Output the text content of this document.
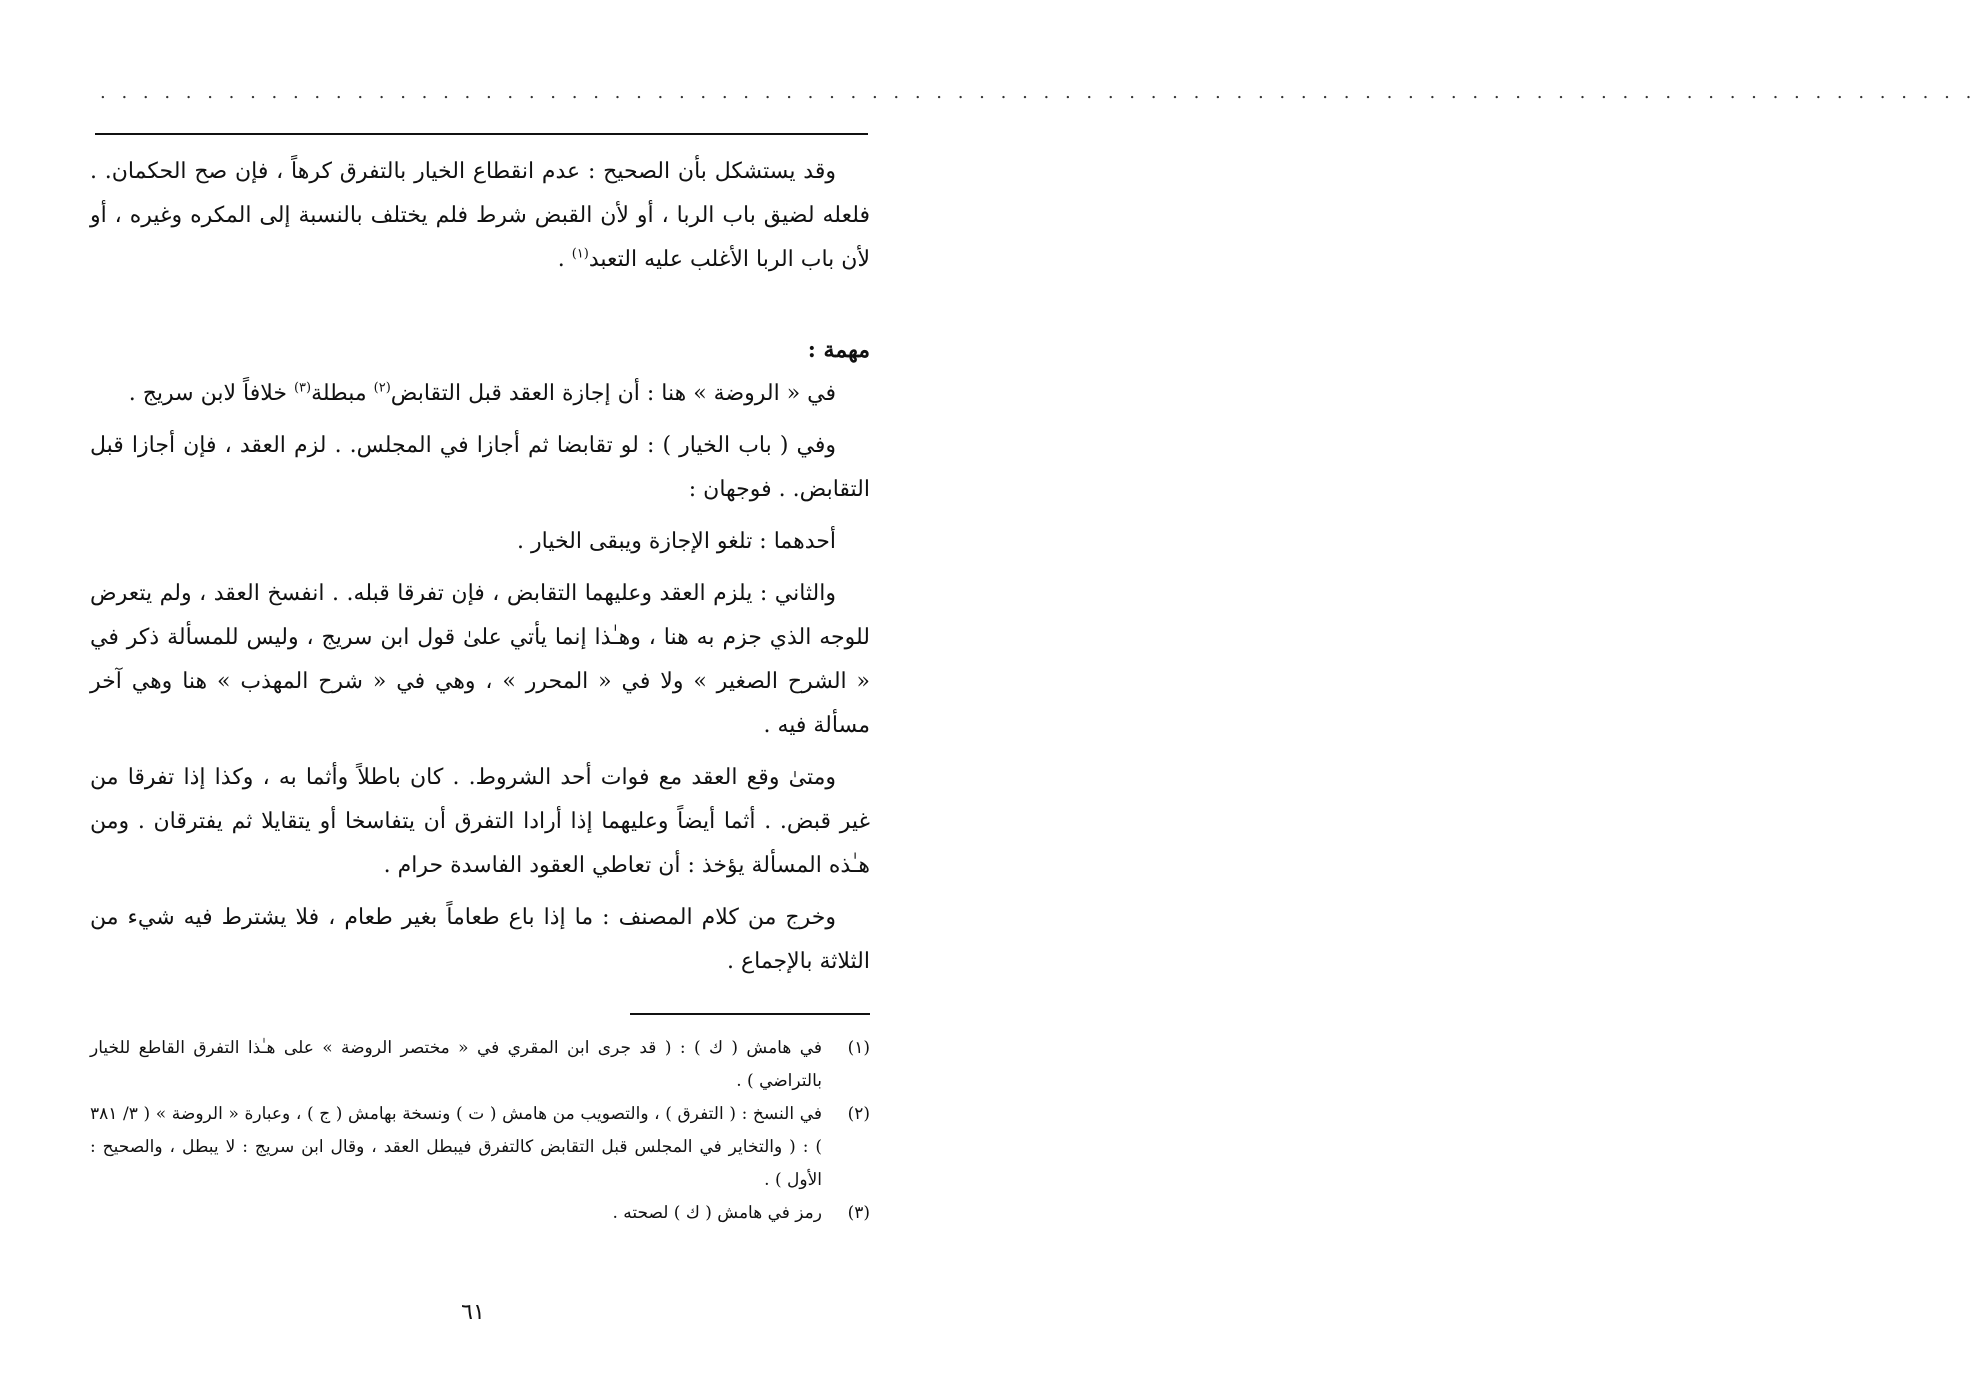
. . . . . . . . . . . . . . . . . . . . . . . . . . . . . . . . . . . . . . . . . . . . . . . . . . . . . . . . . . . . . . . . . . . . . . . . . . . . . . . . . . . . . . . .

وقد يستشكل بأن الصحيح : عدم انقطاع الخيار بالتفرق كرهاً ، فإن صح الحكمان. . فلعله لضيق باب الربا ، أو لأن القبض شرط فلم يختلف بالنسبة إلى المكره وغيره ، أو لأن باب الربا الأغلب عليه التعبد$^{(١)}$ .

مهمة :

في « الروضة » هنا : أن إجازة العقد قبل التقابض$^{(٢)}$ مبطلة$^{(٣)}$ خلافاً لابن سريج .

وفي ( باب الخيار ) : لو تقابضا ثم أجازا في المجلس. . لزم العقد ، فإن أجازا قبل التقابض. . فوجهان :

أحدهما : تلغو الإجازة ويبقى الخيار .

والثاني : يلزم العقد وعليهما التقابض ، فإن تفرقا قبله. . انفسخ العقد ، ولم يتعرض للوجه الذي جزم به هنا ، وهـٰذا إنما يأتي علىٰ قول ابن سريج ، وليس للمسألة ذكر في « الشرح الصغير » ولا في « المحرر » ، وهي في « شرح المهذب » هنا وهي آخر مسألة فيه .

ومتىٰ وقع العقد مع فوات أحد الشروط. . كان باطلاً وأثما به ، وكذا إذا تفرقا من غير قبض. . أثما أيضاً وعليهما إذا أرادا التفرق أن يتفاسخا أو يتقايلا ثم يفترقان . ومن هـٰذه المسألة يؤخذ : أن تعاطي العقود الفاسدة حرام .

وخرج من كلام المصنف : ما إذا باع طعاماً بغير طعام ، فلا يشترط فيه شيء من الثلاثة بالإجماع .

(١)
في هامش ( ك ) : ( قد جرى ابن المقري في « مختصر الروضة » على هـٰذا التفرق القاطع للخيار بالتراضي ) .
(٢)
في النسخ : ( التفرق ) ، والتصويب من هامش ( ت ) ونسخة بهامش ( ج ) ، وعبارة « الروضة » ( ٣/ ٣٨١ ) : ( والتخاير في المجلس قبل التقابض كالتفرق فيبطل العقد ، وقال ابن سريج : لا يبطل ، والصحيح : الأول ) .
(٣)
رمز في هامش ( ك ) لصحته .
٦١
